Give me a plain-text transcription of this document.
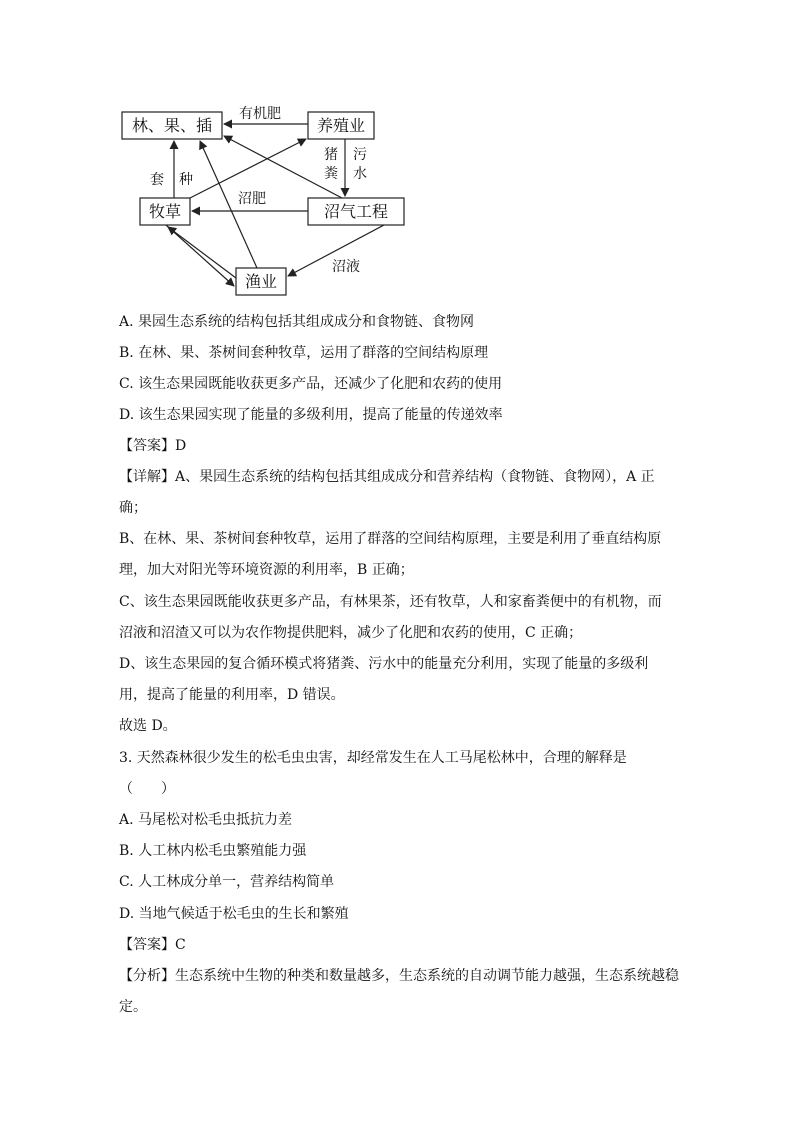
林、果、插	养殖业
牧草	沼气工程
渔业
有机肥
套 种
猪
粪
污
水
沼肥
沼液
A. 果园生态系统的结构包括其组成成分和食物链、食物网
B. 在林、果、茶树间套种牧草，运用了群落的空间结构原理
C. 该生态果园既能收获更多产品，还减少了化肥和农药的使用
D. 该生态果园实现了能量的多级利用，提高了能量的传递效率
【答案】D
【详解】A、果园生态系统的结构包括其组成成分和营养结构（食物链、食物网），A 正
确；
B、在林、果、茶树间套种牧草，运用了群落的空间结构原理，主要是利用了垂直结构原
理，加大对阳光等环境资源的利用率，B 正确；
C、该生态果园既能收获更多产品，有林果茶，还有牧草，人和家畜粪便中的有机物，而
沼液和沼渣又可以为农作物提供肥料，减少了化肥和农药的使用，C 正确；
D、该生态果园的复合循环模式将猪粪、污水中的能量充分利用，实现了能量的多级利
用，提高了能量的利用率，D 错误。
故选 D。
3. 天然森林很少发生的松毛虫虫害，却经常发生在人工马尾松林中，合理的解释是
（　　）
A. 马尾松对松毛虫抵抗力差
B. 人工林内松毛虫繁殖能力强
C. 人工林成分单一，营养结构简单
D. 当地气候适于松毛虫的生长和繁殖
【答案】C
【分析】生态系统中生物的种类和数量越多，生态系统的自动调节能力越强，生态系统越稳
定。
